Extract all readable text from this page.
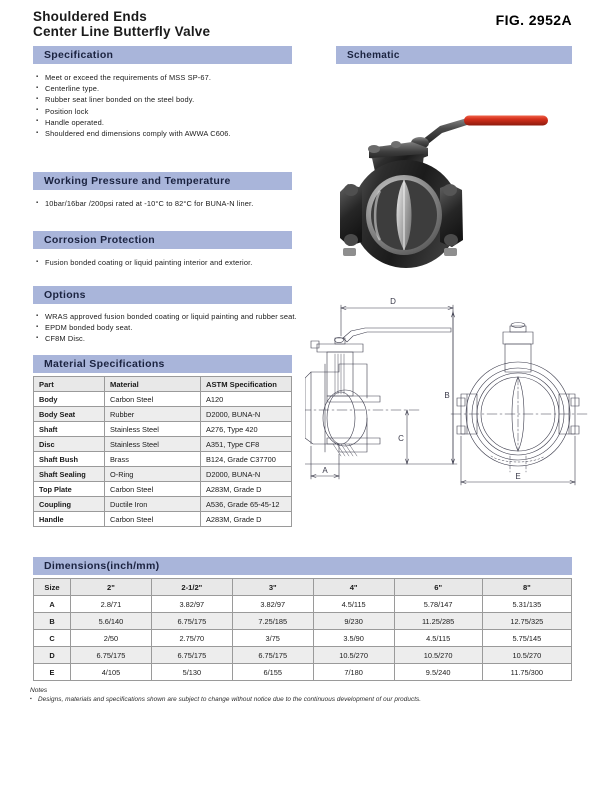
Shouldered Ends
Center Line Butterfly Valve
FIG. 2952A
Specification
▪ Meet or exceed the requirements of MSS SP-67.
▪ Centerline type.
▪ Rubber seat liner bonded on the steel body.
▪ Position lock
▪ Handle operated.
▪ Shouldered end dimensions comply with AWWA C606.
Working Pressure and Temperature
▪ 10bar/16bar /200psi rated at -10°C to 82°C for BUNA-N liner.
Corrosion Protection
▪ Fusion bonded coating or liquid painting interior and exterior.
Options
▪ WRAS approved fusion bonded coating or liquid painting and rubber seat.
▪ EPDM bonded body seat.
▪ CF8M Disc.
Material Specifications
Part	Material	ASTM Specification
Body	Carbon Steel	A120
Body Seat	Rubber	D2000, BUNA-N
Shaft	Stainless Steel	A276, Type 420
Disc	Stainless Steel	A351, Type CF8
Shaft Bush	Brass	B124, Grade C37700
Shaft Sealing	O-Ring	D2000, BUNA-N
Top Plate	Carbon Steel	A283M, Grade D
Coupling	Ductile Iron	A536, Grade 65-45-12
Handle	Carbon Steel	A283M, Grade D
Schematic
D
B
C
A
E
Dimensions(inch/mm)
Size	2"	2-1/2"	3"	4"	6"	8"
A	2.8/71	3.82/97	3.82/97	4.5/115	5.78/147	5.31/135
B	5.6/140	6.75/175	7.25/185	9/230	11.25/285	12.75/325
C	2/50	2.75/70	3/75	3.5/90	4.5/115	5.75/145
D	6.75/175	6.75/175	6.75/175	10.5/270	10.5/270	10.5/270
E	4/105	5/130	6/155	7/180	9.5/240	11.75/300
Notes
▪ Designs, materials and specifications shown are subject to change without notice due to the continuous development of our products.
